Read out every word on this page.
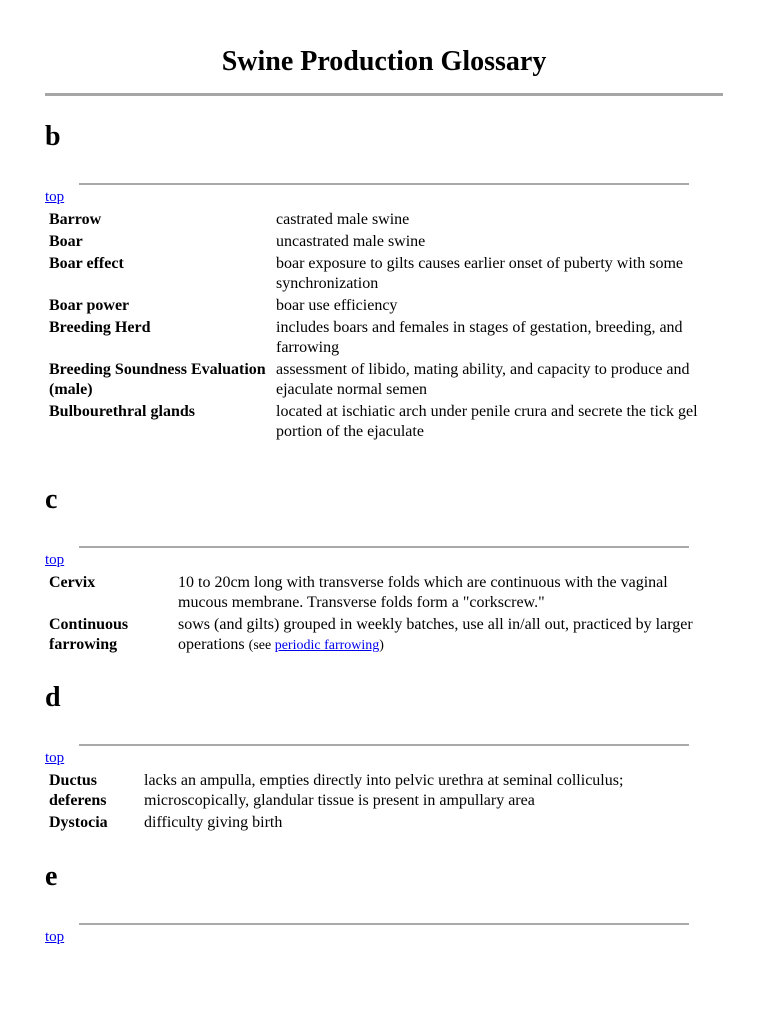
Swine Production Glossary
b
top
Barrow	castrated male swine
Boar	uncastrated male swine
Boar effect	boar exposure to gilts causes earlier onset of puberty with some synchronization
Boar power	boar use efficiency
Breeding Herd	includes boars and females in stages of gestation, breeding, and farrowing
Breeding Soundness Evaluation (male)	assessment of libido, mating ability, and capacity to produce and ejaculate normal semen
Bulbourethral glands	located at ischiatic arch under penile crura and secrete the tick gel portion of the ejaculate
c
top
Cervix	10 to 20cm long with transverse folds which are continuous with the vaginal mucous membrane. Transverse folds form a "corkscrew."
Continuous farrowing	sows (and gilts) grouped in weekly batches, use all in/all out, practiced by larger operations (see periodic farrowing)
d
top
Ductus deferens	lacks an ampulla, empties directly into pelvic urethra at seminal colliculus; microscopically, glandular tissue is present in ampullary area
Dystocia	difficulty giving birth
e
top
